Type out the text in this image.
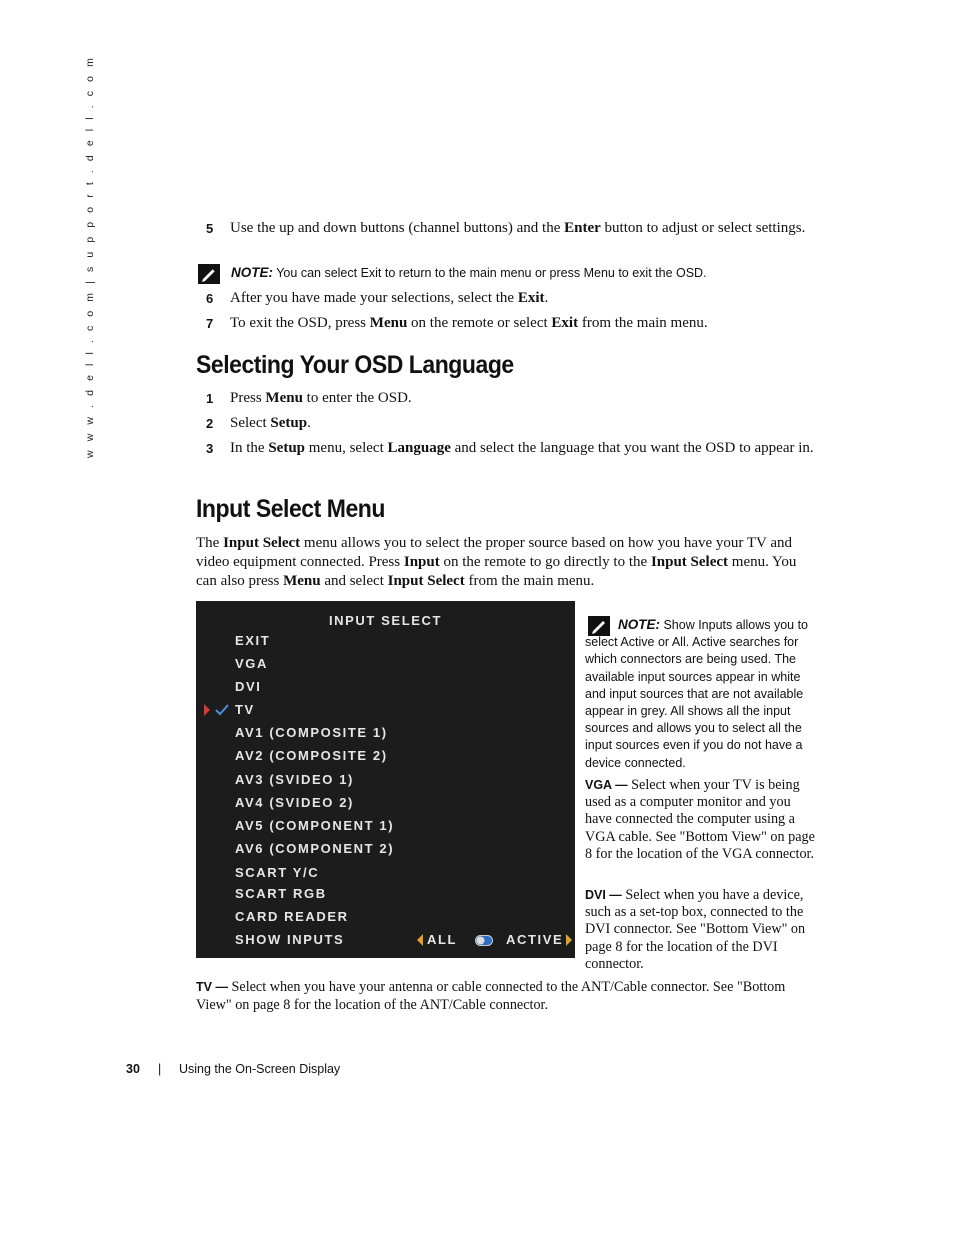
w w w . d e l l . c o m | s u p p o r t . d e l l . c o m	5 Use the up and down buttons (channel buttons) and the Enter button to adjust or select settings.
NOTE: You can select Exit to return to the main menu or press Menu to exit the OSD.
6 After you have made your selections, select the Exit.
7 To exit the OSD, press Menu on the remote or select Exit from the main menu.
Selecting Your OSD Language
1 Press Menu to enter the OSD.
2 Select Setup.
3 In the Setup menu, select Language and select the language that you want the OSD to appear in.
Input Select Menu
The Input Select menu allows you to select the proper source based on how you have your TV and video equipment connected. Press Input on the remote to go directly to the Input Select menu. You can also press Menu and select Input Select from the main menu.
INPUT SELECT
EXIT
VGA
DVI
TV
AV1 (COMPOSITE 1)
AV2 (COMPOSITE 2)
AV3 (SVIDEO 1)
AV4 (SVIDEO 2)
AV5 (COMPONENT 1)
AV6 (COMPONENT 2)
SCART Y/C
SCART RGB
CARD READER
SHOW INPUTS	ALL	ACTIVE
NOTE: Show Inputs allows you to select Active or All. Active searches for which connectors are being used. The available input sources appear in white and input sources that are not available appear in grey. All shows all the input sources and allows you to select all the input sources even if you do not have a device connected.
VGA — Select when your TV is being used as a computer monitor and you have connected the computer using a VGA cable. See "Bottom View" on page 8 for the location of the VGA connector.
DVI — Select when you have a device, such as a set-top box, connected to the DVI connector. See "Bottom View" on page 8 for the location of the DVI connector.
TV — Select when you have your antenna or cable connected to the ANT/Cable connector. See "Bottom View" on page 8 for the location of the ANT/Cable connector.
30 | Using the On-Screen Display
